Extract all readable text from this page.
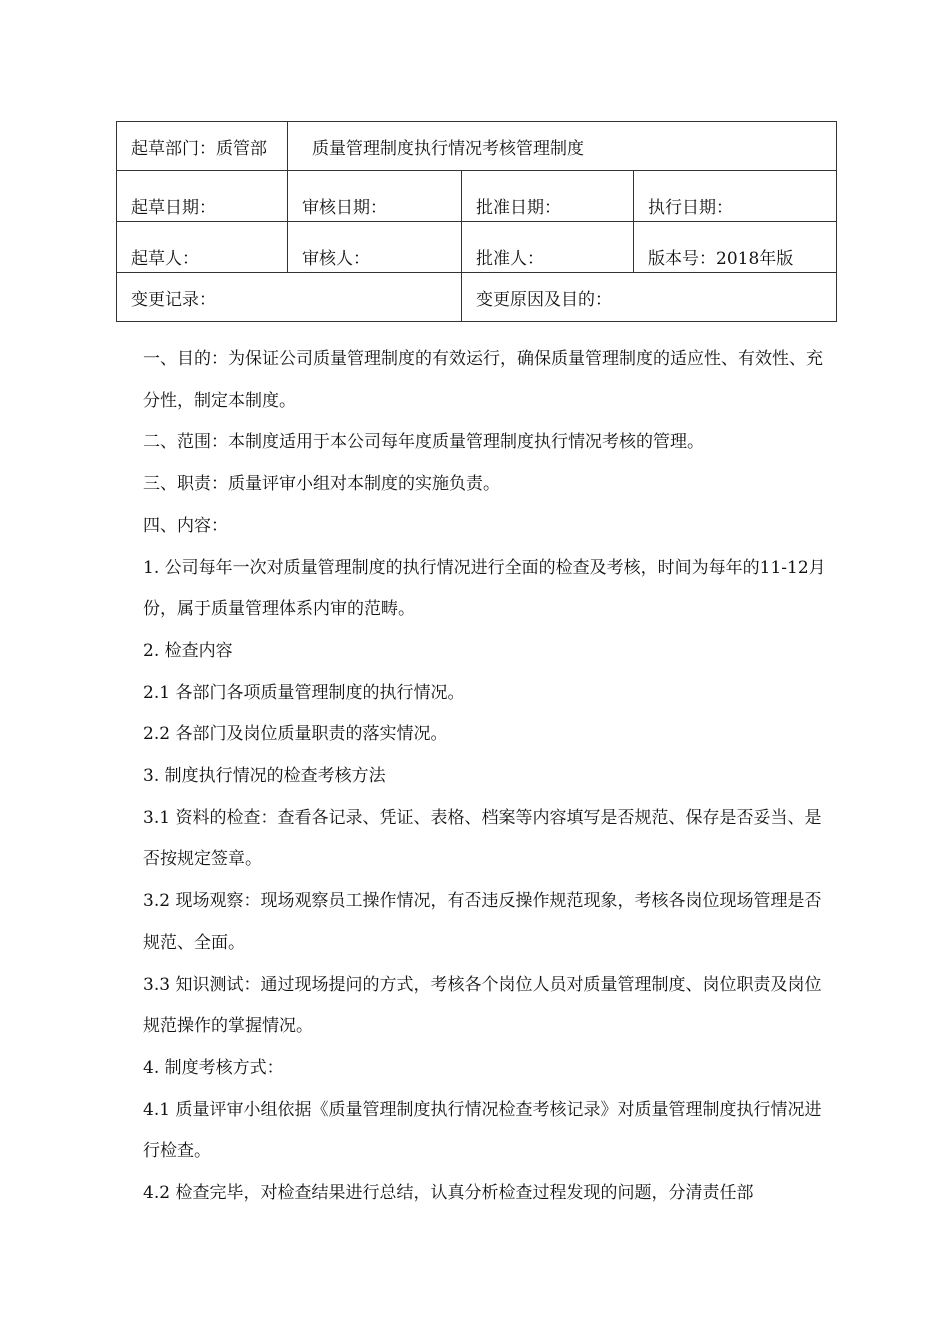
起草部门：质管部	质量管理制度执行情况考核管理制度		
起草日期：	审核日期：	批准日期：	执行日期：
起草人：	审核人：	批准人：	版本号：2018年版
变更记录：		变更原因及目的：	

一、目的：为保证公司质量管理制度的有效运行，确保质量管理制度的适应性、有效性、充分性，制定本制度。

二、范围：本制度适用于本公司每年度质量管理制度执行情况考核的管理。

三、职责：质量评审小组对本制度的实施负责。

四、内容：

1. 公司每年一次对质量管理制度的执行情况进行全面的检查及考核，时间为每年的11-12月份，属于质量管理体系内审的范畴。

2. 检查内容

2.1 各部门各项质量管理制度的执行情况。

2.2 各部门及岗位质量职责的落实情况。

3. 制度执行情况的检查考核方法

3.1 资料的检查：查看各记录、凭证、表格、档案等内容填写是否规范、保存是否妥当、是否按规定签章。

3.2 现场观察：现场观察员工操作情况，有否违反操作规范现象，考核各岗位现场管理是否规范、全面。

3.3 知识测试：通过现场提问的方式，考核各个岗位人员对质量管理制度、岗位职责及岗位规范操作的掌握情况。

4. 制度考核方式：

4.1 质量评审小组依据《质量管理制度执行情况检查考核记录》对质量管理制度执行情况进行检查。

4.2 检查完毕，对检查结果进行总结，认真分析检查过程发现的问题，分清责任部
